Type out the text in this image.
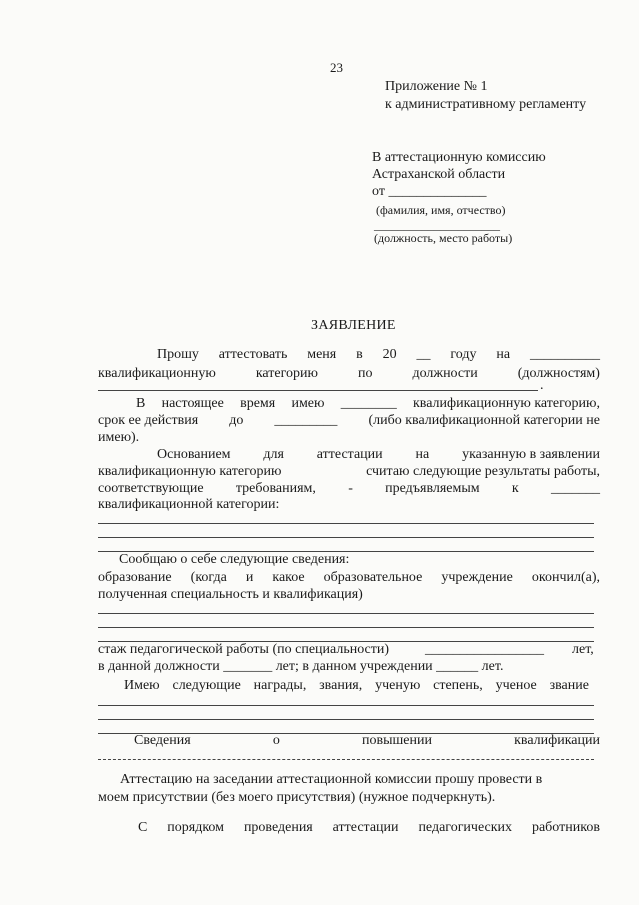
23
Приложение № 1
к административному регламенту
В аттестационную комиссию
Астраханской области
от ______________
(фамилия, имя, отчество)
_____________________
(должность, место работы)
ЗАЯВЛЕНИЕ
Прошу аттестовать меня в 20 __ году на __________
квалификационную	категорию	по	должности	(должностям)
.
В настоящее время имею ________ квалификационную категорию,
срок ее действия до _________ (либо квалификационной категории не
имею).
Основанием для аттестации на указанную в заявлении
квалификационную категорию	считаю следующие результаты работы,
соответствующие требованиям, - предъявляемым к _______
квалификационной категории:
Сообщаю о себе следующие сведения:
образование (когда и какое образовательное учреждение окончил(а),
полученная специальность и квалификация)
стаж педагогической работы (по специальности)	_________________ лет,
в данной должности _______ лет; в данном учреждении ______ лет.
Имею следующие награды, звания, ученую степень, ученое звание
Сведения	о	повышении	квалификации
Аттестацию на заседании аттестационной комиссии прошу провести в
моем присутствии (без моего присутствия) (нужное подчеркнуть).
С порядком проведения аттестации педагогических работников
